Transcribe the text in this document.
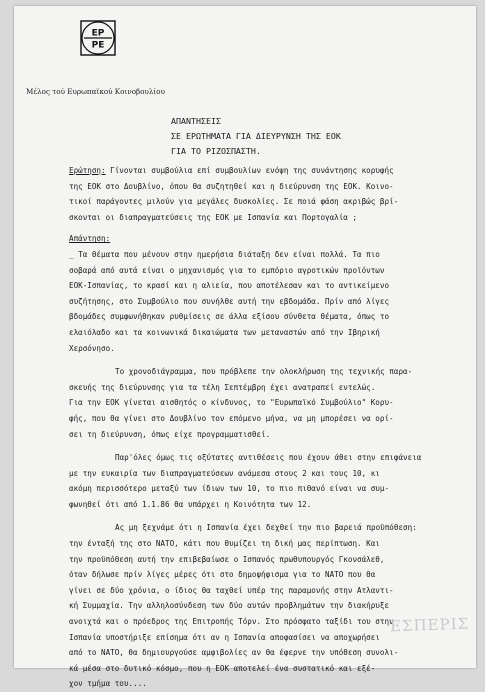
ΕΡ
ΡΕ
Μέλος τού Ευρωπαϊκού Κοινοβουλίου
ΑΠΑΝΤΗΣΕΙΣ
ΣΕ ΕΡΩΤΗΜΑΤΑ ΓΙΑ ΔΙΕΥΡΥΝΣΗ ΤΗΣ ΕΟΚ
ΓΙΑ ΤΟ ΡΙΖΟΣΠΑΣΤΗ.
Ερώτηση: Γίνονται συμβούλια επί συμβουλίων ενόψη της συνάντησης κορυφής
της ΕΟΚ στο Δουβλίνο, όπου θα συζητηθεί και η διεύρυνση της ΕΟΚ. Κοινο-
τικοί παράγοντες μιλούν για μεγάλες δυσκολίες. Σε ποιά φάση ακριβώς βρί-
σκονται οι διαπραγματεύσεις της ΕΟΚ με Ισπανία και Πορτογαλία ;
Απάντηση:
_ Τα θέματα που μένουν στην ημερήσια διάταξη δεν είναι πολλά. Τα πιο
σοβαρά από αυτά είναι ο μηχανισμός για το εμπόριο αγροτικών προϊόντων
ΕΟΚ-Ισπανίας, το κρασί και η αλιεία, που αποτέλεσαν και το αντικείμενο
συζήτησης, στο Συμβούλιο που συνήλθε αυτή την εβδομάδα. Πρίν από λίγες
βδομάδες συμφωνήθηκαν ρυθμίσεις σε άλλα εξίσου σύνθετα θέματα, όπως το
ελαιόλαδο και τα κοινωνικά δικαιώματα των μεταναστών από την Ιβηρική
Χερσόνησο.
Το χρονοδιάγραμμα, που πρόβλεπε την ολοκλήρωση της τεχνικής παρα-
σκευής της διεύρυνσης για τα τέλη Σεπτέμβρη έχει ανατραπεί εντελώς.
Για την ΕΟΚ γίνεται αισθητός ο κίνδυνος, το "Ευρωπαϊκό Συμβούλιο" Κορυ-
φής, που θα γίνει στο Δουβλίνο τον επόμενο μήνα, να μη μπορέσει να ορί-
σει τη διεύρυνση, όπως είχε προγραμματισθεί.
Παρ'όλες όμως τις οξύτατες αντιθέσεις που έχουν άθει στην επιφάνεια
με την ευκαιρία των διαπραγματεύσεων ανάμεσα στους 2 και τους 10, κι
ακόμη περισσότερο μεταξύ των ίδιων των 10, το πιο πιθανό είναι να συμ-
φωνηθεί ότι από 1.1.86 θα υπάρχει η Κοινότητα των 12.
Ας μη ξεχνάμε ότι η Ισπανία έχει δεχθεί την πιο βαρειά προϋπόθεση:
την ένταξή της στο ΝΑΤΟ, κάτι που θυμίζει τη δική μας περίπτωση. Και
την προϋπόθεση αυτή την επιβεβαίωσε ο Ισπανός πρωθυπουργός Γκονσάλεθ,
όταν δήλωσε πρίν λίγες μέρες ότι στο δημοψήφισμα για το ΝΑΤΟ που θα
γίνει σε δύο χρόνια, ο ίδιος θα ταχθεί υπέρ της παραμονής στην Ατλαντι-
κή Συμμαχία. Την αλληλοσύνδεση των δύο αυτών προβλημάτων την διακήρυξε
ανοιχτά και ο πρόεδρος της Επιτροπής Τόρν. Στο πρόσφατο ταξίδι του στην
Ισπανία υποστήριξε επίσημα ότι αν η Ισπανία αποφασίσει να αποχωρήσει
από το ΝΑΤΟ, θα δημιουργούσε αμφιβολίες αν θα έφερνε την υπόθεση συνολι-
κά μέσα στο δυτικό κόσμο, που η ΕΟΚ αποτελεί ένα συστατικό και εξέ-
χον τμήμα του....
ΕΣΠΕΡΙΣ
